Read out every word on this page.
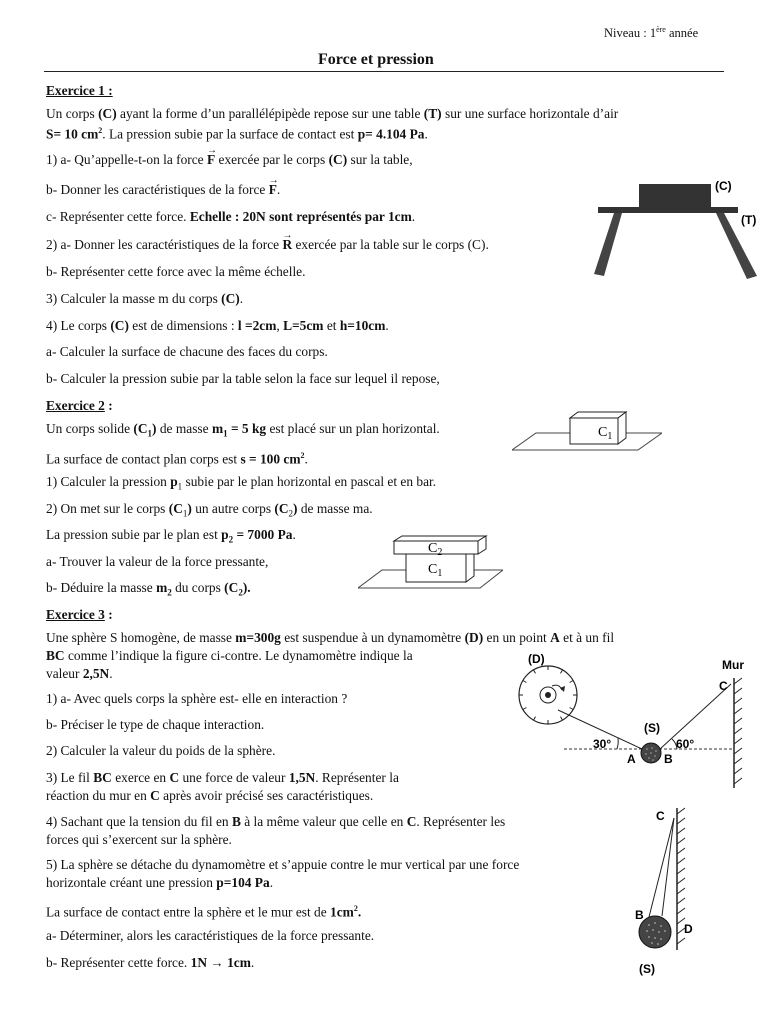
Niveau : 1ère année
Force et pression
Exercice 1 :
Un corps (C) ayant la forme d’un parallélépipède repose sur une table (T) sur une surface horizontale d’air
S= 10 $cm^2$. La pression subie par la surface de contact est p= 4.104 Pa.
1) a- Qu’appelle-t-on la force → F exercée par le corps (C) sur la table,
b- Donner les caractéristiques de la force → F.
c- Représenter cette force. Echelle : 20N sont représentés par 1cm.
2) a- Donner les caractéristiques de la force → R exercée par la table sur le corps (C).
b- Représenter cette force avec la même échelle.
3) Calculer la masse m du corps (C).
4) Le corps (C) est de dimensions : l =2cm, L=5cm et h=10cm.
a- Calculer la surface de chacune des faces du corps.
b- Calculer la pression subie par la table selon la face sur lequel il repose,
(C)
(T)
Exercice 2 :
Un corps solide $(C_1)$ de masse $m_1 = 5$ kg est placé sur un plan horizontal.
La surface de contact plan corps est s = 100 $cm^2$.
1) Calculer la pression $p_1$ subie par le plan horizontal en pascal et en bar.
2) On met sur le corps $(C_1)$ un autre corps $(C_2)$ de masse ma.
La pression subie par le plan est $p_2 = 7000$ Pa.
a- Trouver la valeur de la force pressante,
b- Déduire la masse $m_2$ du corps $(C_2)$.
$C_1$
$C_2$
$C_1$
Exercice 3 :
Une sphère S homogène, de masse m=300g est suspendue à un dynamomètre (D) en un point A et à un fil
BC comme l’indique la figure ci-contre. Le dynamomètre indique la
valeur 2,5N.
1) a- Avec quels corps la sphère est- elle en interaction ?
b- Préciser le type de chaque interaction.
2) Calculer la valeur du poids de la sphère.
3) Le fil BC exerce en C une force de valeur 1,5N. Représenter la
réaction du mur en C après avoir précisé ses caractéristiques.
4) Sachant que la tension du fil en B à la même valeur que celle en C. Représenter les
forces qui s’exercent sur la sphère.
5) La sphère se détache du dynamomètre et s’appuie contre le mur vertical par une force
horizontale créant une pression p=104 Pa.
La surface de contact entre la sphère et le mur est de $1cm^2$.
a- Déterminer, alors les caractéristiques de la force pressante.
b- Représenter cette force. 1N → 1cm.
(D)	Mur
C
(S)
30°	60°
A B
C
B
D
(S)
